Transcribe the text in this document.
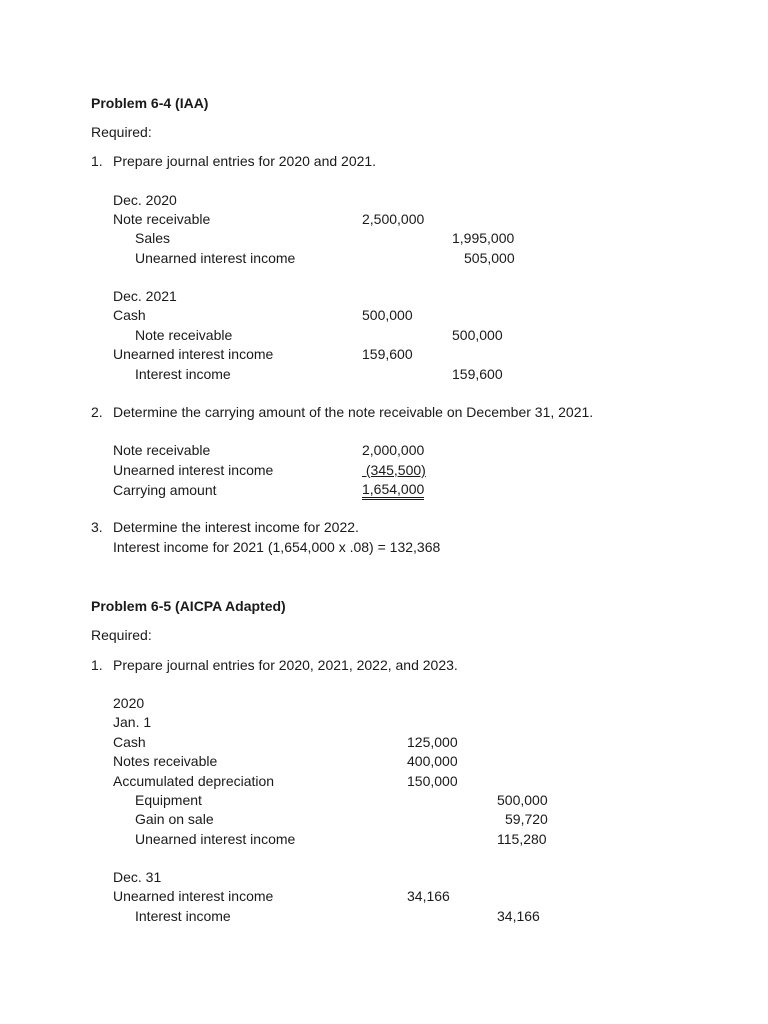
Problem 6-4 (IAA)
Required:
1. Prepare journal entries for 2020 and 2021.
Dec. 2020
Note receivable	2,500,000
Sales	1,995,000
Unearned interest income	505,000
Dec. 2021
Cash	500,000
Note receivable	500,000
Unearned interest income	159,600
Interest income	159,600
2. Determine the carrying amount of the note receivable on December 31, 2021.
Note receivable	2,000,000
Unearned interest income	(345,500)
Carrying amount	1,654,000
3. Determine the interest income for 2022.
Interest income for 2021 (1,654,000 x .08) = 132,368
Problem 6-5 (AICPA Adapted)
Required:
1. Prepare journal entries for 2020, 2021, 2022, and 2023.
2020
Jan. 1
Cash	125,000
Notes receivable	400,000
Accumulated depreciation	150,000
Equipment	500,000
Gain on sale	59,720
Unearned interest income	115,280
Dec. 31
Unearned interest income	34,166
Interest income	34,166
